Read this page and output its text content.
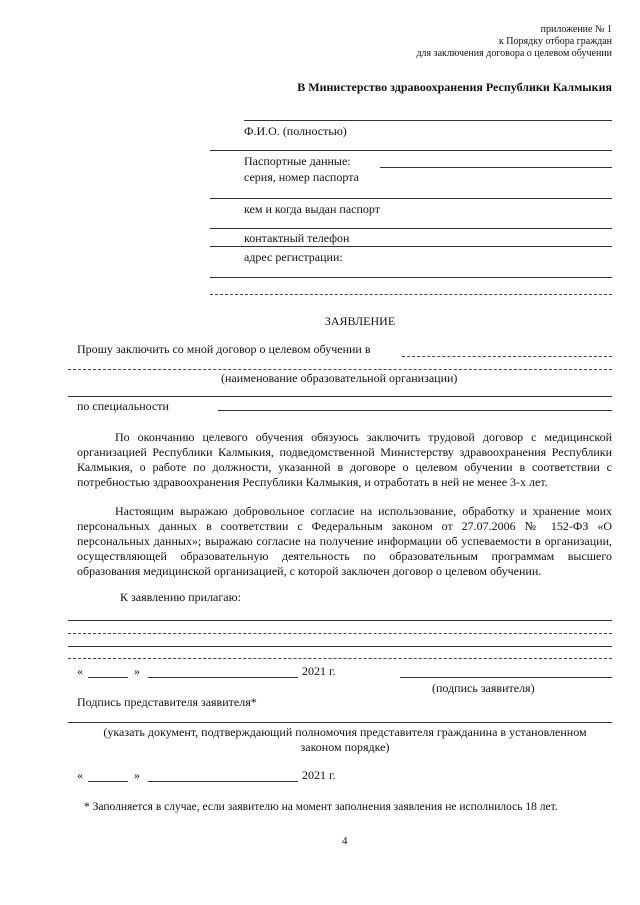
приложение № 1
к Порядку отбора граждан
для заключения договора о целевом обучении
В Министерство здравоохранения Республики Калмыкия
Ф.И.О. (полностью)
Паспортные данные:
серия, номер паспорта
кем и когда выдан паспорт
контактный телефон
адрес регистрации:
ЗАЯВЛЕНИЕ
Прошу заключить со мной договор о целевом обучении в
(наименование образовательной организации)
по специальности
По окончанию целевого обучения обязуюсь заключить трудовой договор с медицинской организацией Республики Калмыкия, подведомственной Министерству здравоохранения Республики Калмыкия, о работе по должности, указанной в договоре о целевом обучении в соответствии с потребностью здравоохранения Республики Калмыкия, и отработать в ней не менее 3-х лет.
Настоящим выражаю добровольное согласие на использование, обработку и хранение моих персональных данных в соответствии с Федеральным законом от 27.07.2006 № 152-ФЗ «О персональных данных»; выражаю согласие на получение информации об успеваемости в организации, осуществляющей образовательную деятельность по образовательным программам высшего образования медицинской организацией, с которой заключен договор о целевом обучении.
К заявлению прилагаю:
«	»	2021 г.
(подпись заявителя)
Подпись представителя заявителя*
(указать документ, подтверждающий полномочия представителя гражданина в установленном законом порядке)
«	»	2021 г.
* Заполняется в случае, если заявителю на момент заполнения заявления не исполнилось 18 лет.
4
